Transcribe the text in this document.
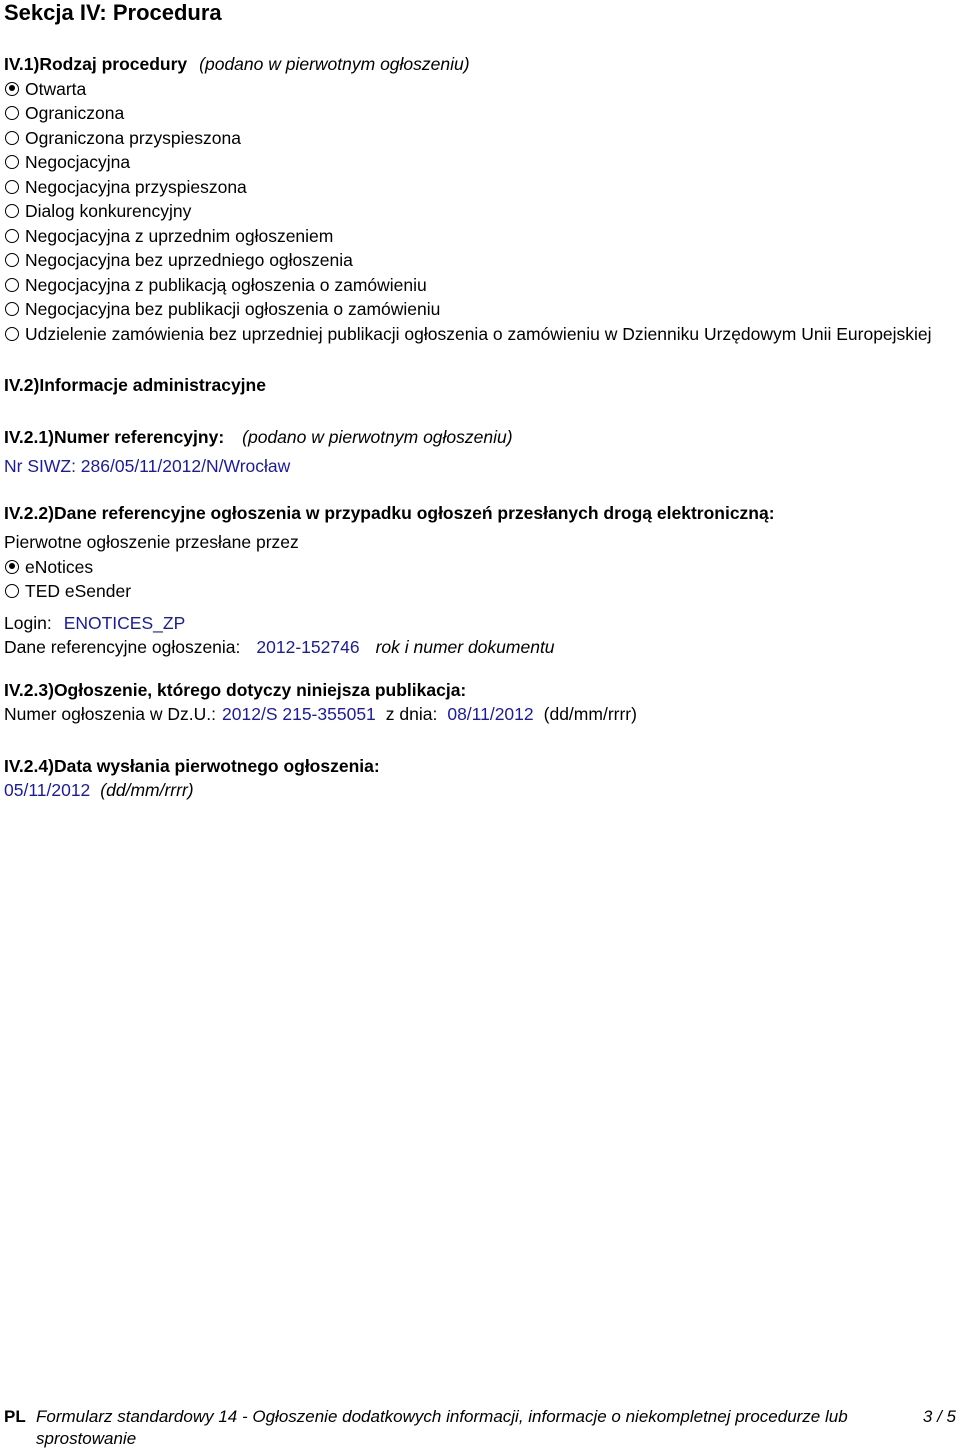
Sekcja IV: Procedura

IV.1)Rodzaj procedury (podano w pierwotnym ogłoszeniu)

Otwarta
Ograniczona
Ograniczona przyspieszona
Negocjacyjna
Negocjacyjna przyspieszona
Dialog konkurencyjny
Negocjacyjna z uprzednim ogłoszeniem
Negocjacyjna bez uprzedniego ogłoszenia
Negocjacyjna z publikacją ogłoszenia o zamówieniu
Negocjacyjna bez publikacji ogłoszenia o zamówieniu
Udzielenie zamówienia bez uprzedniej publikacji ogłoszenia o zamówieniu w Dzienniku Urzędowym Unii Europejskiej

IV.2)Informacje administracyjne

IV.2.1)Numer referencyjny: (podano w pierwotnym ogłoszeniu)

Nr SIWZ: 286/05/11/2012/N/Wrocław

IV.2.2)Dane referencyjne ogłoszenia w przypadku ogłoszeń przesłanych drogą elektroniczną:

Pierwotne ogłoszenie przesłane przez
eNotices
TED eSender
Login: ENOTICES_ZP
Dane referencyjne ogłoszenia: 2012-152746 rok i numer dokumentu

IV.2.3)Ogłoszenie, którego dotyczy niniejsza publikacja:

Numer ogłoszenia w Dz.U.: 2012/S 215-355051 z dnia: 08/11/2012 (dd/mm/rrrr)

IV.2.4)Data wysłania pierwotnego ogłoszenia:

05/11/2012 (dd/mm/rrrr)
PL Formularz standardowy 14 - Ogłoszenie dodatkowych informacji, informacje o niekompletnej procedurze lub sprostowanie
3 / 5
